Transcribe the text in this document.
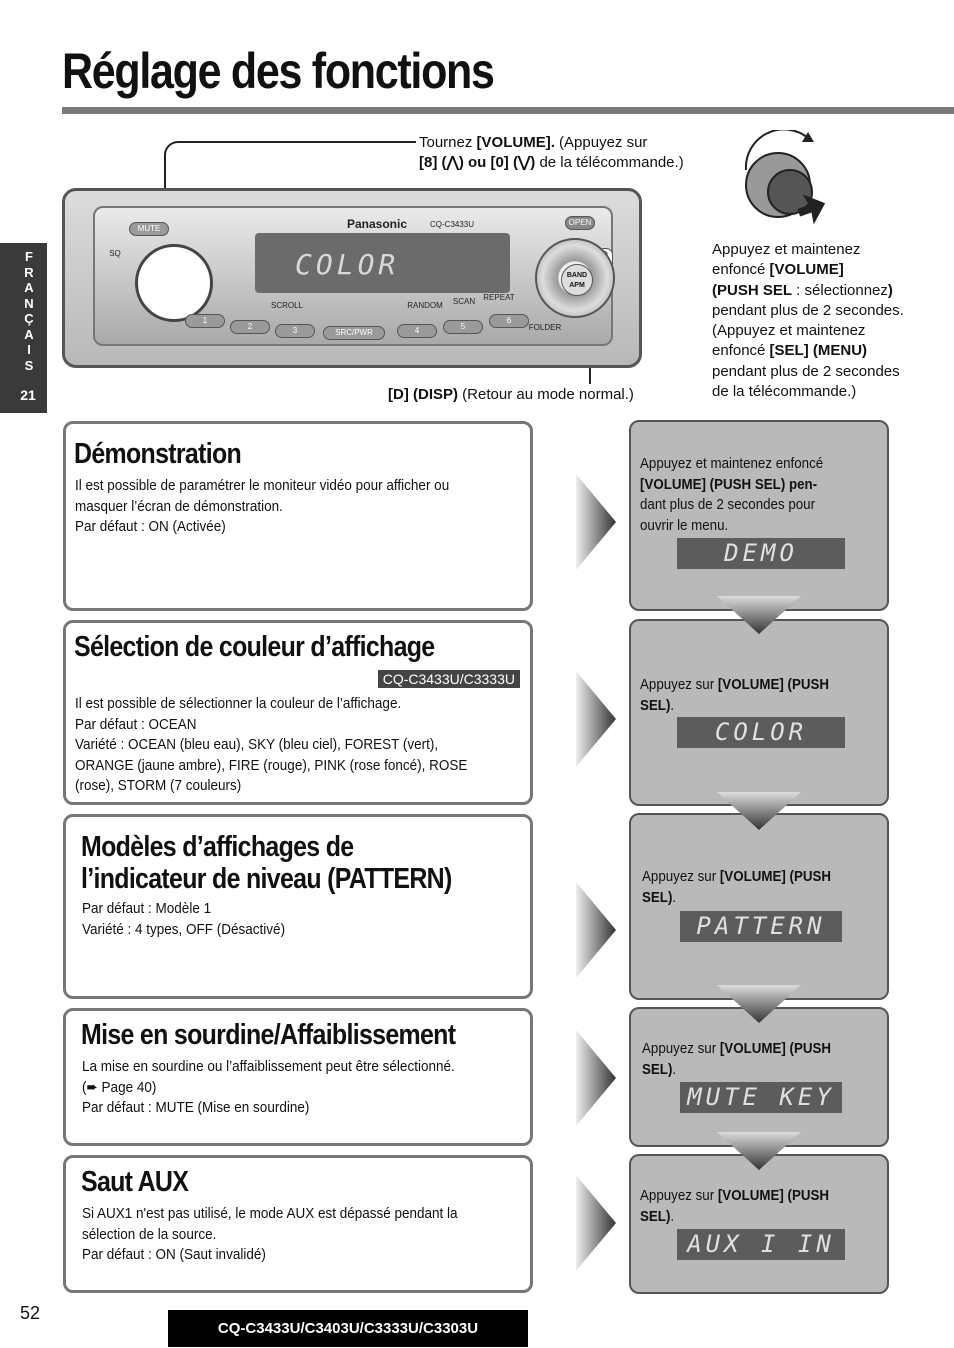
Réglage des fonctions
F
R
A
N
Ç
A
I
S
21
Tournez [VOLUME]. (Appuyez sur
[8] (⋀) ou [0] (⋁) de la télécommande.)
Appuyez et maintenez
enfoncé [VOLUME]
(PUSH SEL : sélectionnez)
pendant plus de 2 secondes.
(Appuyez et maintenez
enfoncé [SEL] (MENU)
pendant plus de 2 secondes
de la télécommande.)
[D] (DISP) (Retour au mode normal.)
MUTE
SQ
Panasonic	CQ-C3433U
COLOR
OPEN
BAND
APM
SCROLL	RANDOM	SCAN	REPEAT
FOLDER
1
2	3	SRC/PWR	4	5
6
Démonstration

Il est possible de paramétrer le moniteur vidéo pour afficher ou

masquer l’écran de démonstration.

Par défaut : ON (Activée)

Sélection de couleur d’affichage
CQ-C3433U/C3333U

Il est possible de sélectionner la couleur de l’affichage.

Par défaut : OCEAN

Variété : OCEAN (bleu eau), SKY (bleu ciel), FOREST (vert),

ORANGE (jaune ambre), FIRE (rouge), PINK (rose foncé), ROSE

(rose), STORM (7 couleurs)

Modèles d’affichages de
l’indicateur de niveau (PATTERN)

Par défaut : Modèle 1

Variété : 4 types, OFF (Désactivé)

Mise en sourdine/Affaiblissement

La mise en sourdine ou l’affaiblissement peut être sélectionné.

(➨ Page 40)

Par défaut : MUTE (Mise en sourdine)

Saut AUX

Si AUX1 n'est pas utilisé, le mode AUX est dépassé pendant la

sélection de la source.

Par défaut : ON (Saut invalidé)

Appuyez et maintenez enfoncé
[VOLUME] (PUSH SEL) pen-
dant plus de 2 secondes pour
ouvrir le menu.

DEMO

Appuyez sur [VOLUME] (PUSH
SEL).

COLOR

Appuyez sur [VOLUME] (PUSH
SEL).

PATTERN

Appuyez sur [VOLUME] (PUSH
SEL).

MUTE KEY

Appuyez sur [VOLUME] (PUSH
SEL).

AUX I IN
52
CQ-C3433U/C3403U/C3333U/C3303U
